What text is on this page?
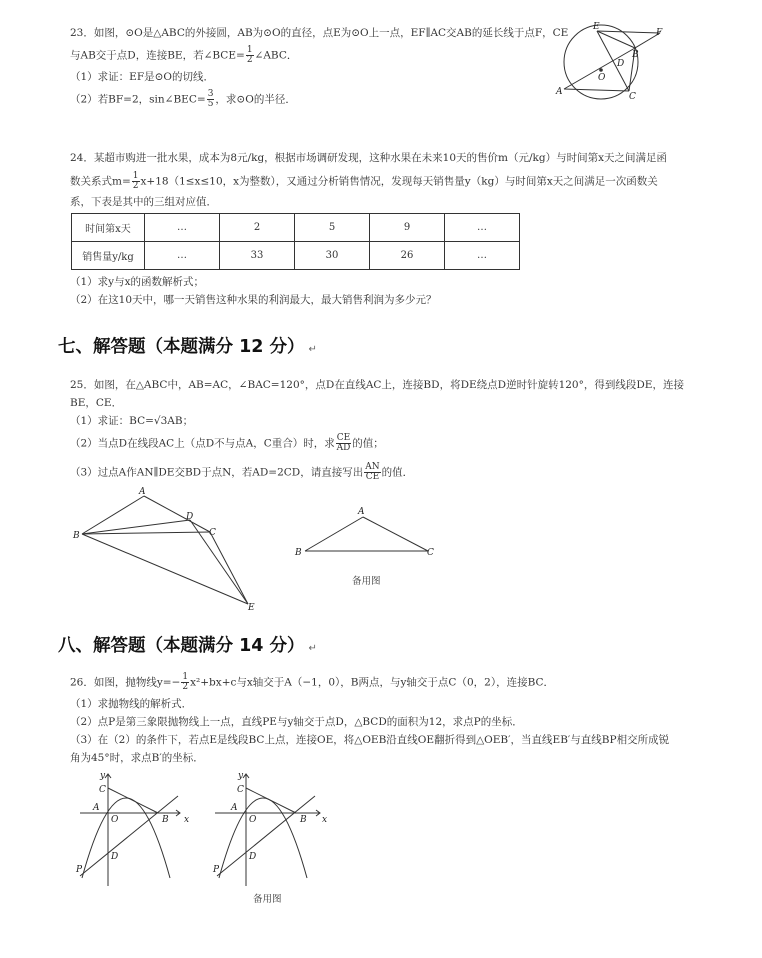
23．如图，⊙O是△ABC的外接圆，AB为⊙O的直径，点E为⊙O上一点，EF∥AC交AB的延长线于点F，CE
与AB交于点D，连接BE，若∠BCE= $\frac{1}{2}$ ∠ABC．
（1）求证：EF是⊙O的切线．
（2）若BF=2，sin∠BEC= $\frac{3}{5}$ ，求⊙O的半径．
E
F
B
D
O
A	C
24．某超市购进一批水果，成本为8元/kg，根据市场调研发现，这种水果在未来10天的售价m（元/kg）与时间第x天之间满足函
数关系式$m= \frac{1}{2} x+18(1\le x\le 10$，x为整数），又通过分析销售情况，发现每天销售量y（kg）与时间第x天之间满足一次函数关
系，下表是其中的三组对应值．
时间第x天	…	2	5	9	…
销售量y/kg	…	33	30	26	…
（1）求y与x的函数解析式；
（2）在这10天中，哪一天销售这种水果的利润最大，最大销售利润为多少元？
七、解答题（本题满分 12 分） ↵
25．如图，在△ABC中，AB=AC，∠BAC=120°，点D在直线AC上，连接BD，将DE绕点D逆时针旋转120°，得到线段DE，连接
BE，CE．
（1）求证：BC=√3AB；
（2）当点D在线段AC上（点D不与点A，C重合）时，求 $\frac{CE}{AD}$ 的值；
（3）过点A作AN∥DE交BD于点N，若AD=2CD，请直接写出 $\frac{AN}{CE}$ 的值．
A
B
D
C
E
A
B	C
备用图
八、解答题（本题满分 14 分） ↵
26．如图，抛物线$y=- \frac{1}{2} x^2+bx+c$与x轴交于A（−1，0），B两点，与y轴交于点C（0，2），连接BC．
（1）求抛物线的解析式．
（2）点P是第三象限抛物线上一点，直线PE与y轴交于点D，△BCD的面积为12，求点P的坐标．
（3）在（2）的条件下，若点E是线段BC上点，连接OE，将△OEB沿直线OE翻折得到△OEB′，当直线EB′与直线BP相交所成锐
角为45°时，求点B′的坐标．
y
x
C
A
O	B
D
P
y
x
C
A
O	B
D
P
备用图
